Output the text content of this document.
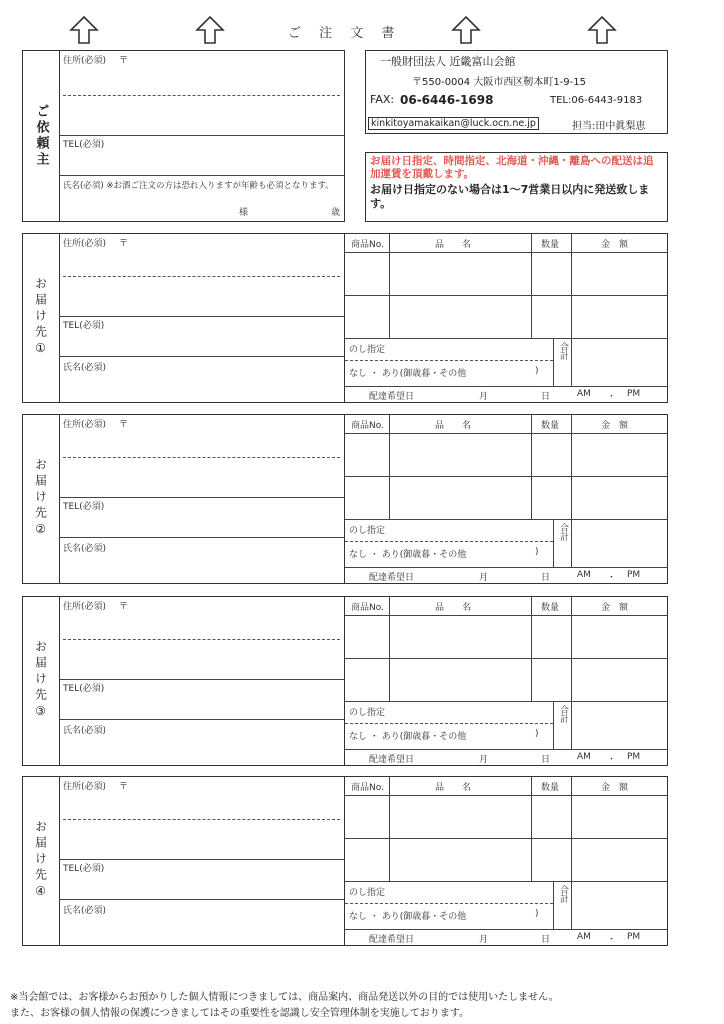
ご 注 文 書
ご依頼主
住所(必須) 〒
TEL(必須)
氏名(必須) ※お酒ご注文の方は恐れ入りますが年齢も必須となります。
様	歳
一般財団法人 近畿富山会館
〒550-0004 大阪市西区靭本町1-9-15
FAX: 06-6446-1698	TEL:06-6443-9183
kinkitoyamakaikan@luck.ocn.ne.jp	担当:田中眞梨恵
お届け日指定、時間指定、北海道・沖縄・離島への配送は追加運賃を頂戴します。
お届け日指定のない場合は1～7営業日以内に発送致します。
お届け先①
住所(必須) 〒
TEL(必須)
氏名(必須)
商品No.	品　　名	数量	金　額
のし指定
なし ・ あり(御歳暮・その他	)
合計
配達希望日	月	日	AM ・ PM
お届け先②
住所(必須) 〒
TEL(必須)
氏名(必須)
商品No.	品　　名	数量	金　額
のし指定
なし ・ あり(御歳暮・その他	)
合計
配達希望日	月	日	AM ・ PM
お届け先③
住所(必須) 〒
TEL(必須)
氏名(必須)
商品No.	品　　名	数量	金　額
のし指定
なし ・ あり(御歳暮・その他	)
合計
配達希望日	月	日	AM ・ PM
お届け先④
住所(必須) 〒
TEL(必須)
氏名(必須)
商品No.	品　　名	数量	金　額
のし指定
なし ・ あり(御歳暮・その他	)
合計
配達希望日	月	日	AM ・ PM
※当会館では、お客様からお預かりした個人情報につきましては、商品案内、商品発送以外の目的では使用いたしません。
また、お客様の個人情報の保護につきましてはその重要性を認識し安全管理体制を実施しております。
